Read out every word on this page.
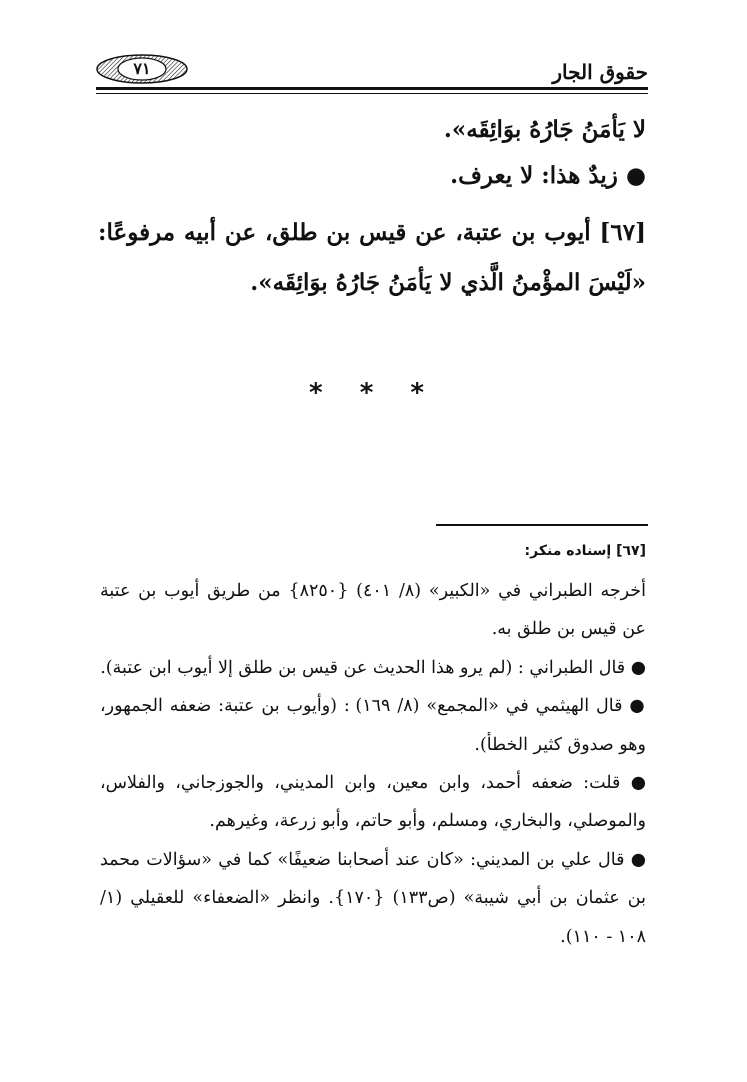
حقوق الجار
٧١
لا يَأمَنُ جَارُهُ بوَائِقَه».
● زيدٌ هذا: لا يعرف.
[٦٧] أيوب بن عتبة، عن قيس بن طلق، عن أبيه مرفوعًا: «لَيْسَ المؤْمنُ الَّذي لا يَأمَنُ جَارُهُ بوَائِقَه».
* * *
[٦٧] إسناده منكر:

أخرجه الطبراني في «الكبير» (٨/ ٤٠١) {٨٢٥٠} من طريق أيوب بن عتبة عن قيس بن طلق به.

● قال الطبراني : (لم يرو هذا الحديث عن قيس بن طلق إلا أيوب ابن عتبة).

● قال الهيثمي في «المجمع» (٨/ ١٦٩) : (وأيوب بن عتبة: ضعفه الجمهور، وهو صدوق كثير الخطأ).

● قلت: ضعفه أحمد، وابن معين، وابن المديني، والجوزجاني، والفلاس، والموصلي، والبخاري، ومسلم، وأبو حاتم، وأبو زرعة، وغيرهم.

● قال علي بن المديني: «كان عند أصحابنا ضعيفًا» كما في «سؤالات محمد بن عثمان بن أبي شيبة» (ص١٣٣) {١٧٠}. وانظر «الضعفاء» للعقيلي (١/ ١٠٨ - ١١٠).
